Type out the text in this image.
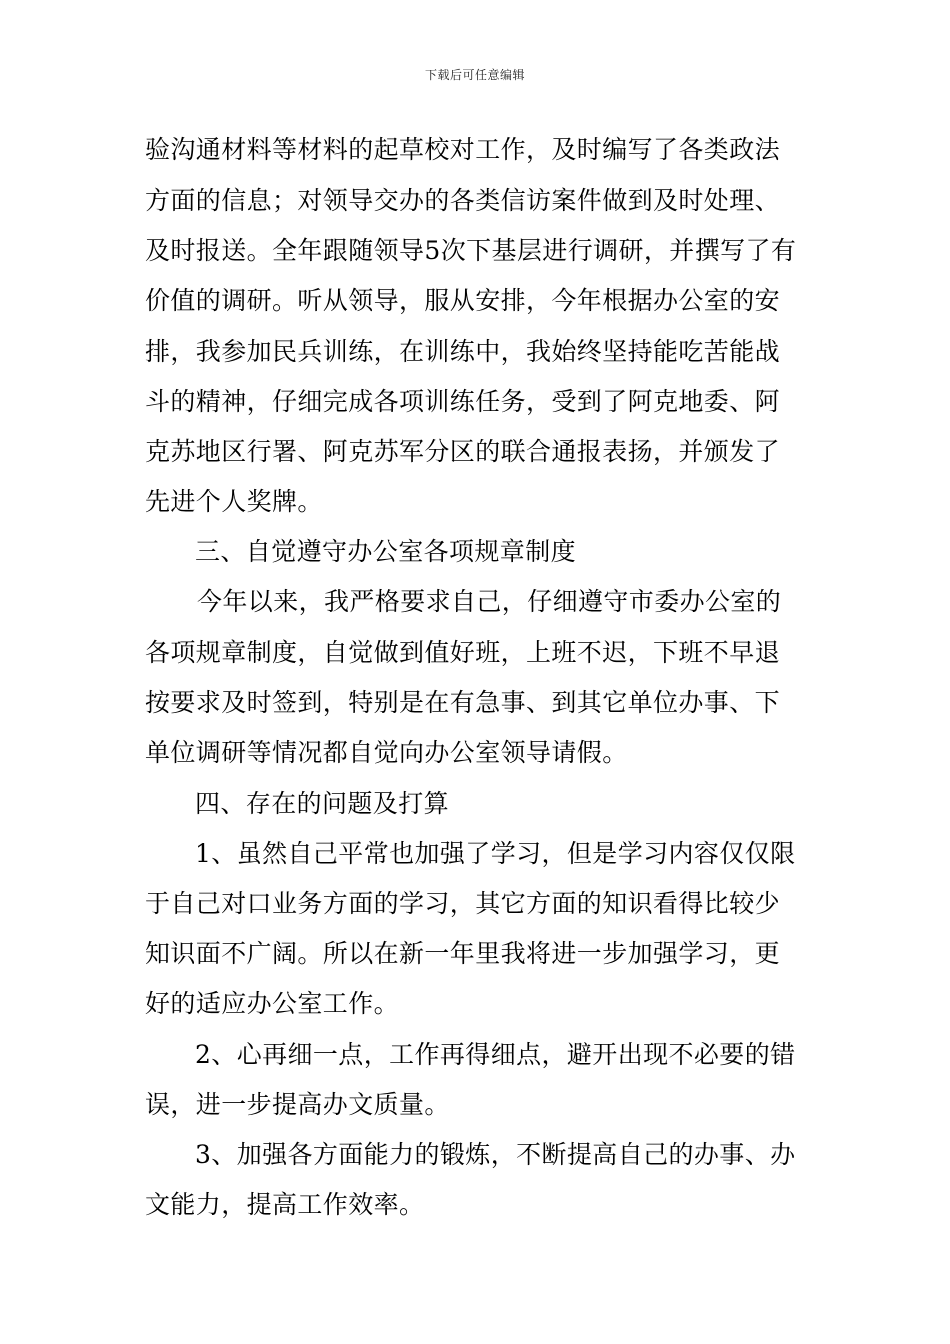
下载后可任意编辑
验沟通材料等材料的起草校对工作，及时编写了各类政法
方面的信息；对领导交办的各类信访案件做到及时处理、
及时报送。全年跟随领导5次下基层进行调研，并撰写了有
价值的调研。听从领导，服从安排，今年根据办公室的安
排，我参加民兵训练，在训练中，我始终坚持能吃苦能战
斗的精神，仔细完成各项训练任务，受到了阿克地委、阿
克苏地区行署、阿克苏军分区的联合通报表扬，并颁发了
先进个人奖牌。
三、自觉遵守办公室各项规章制度
今年以来，我严格要求自己，仔细遵守市委办公室的
各项规章制度，自觉做到值好班，上班不迟，下班不早退
按要求及时签到，特别是在有急事、到其它单位办事、下
单位调研等情况都自觉向办公室领导请假。
四、存在的问题及打算
1、虽然自己平常也加强了学习，但是学习内容仅仅限
于自己对口业务方面的学习，其它方面的知识看得比较少
知识面不广阔。所以在新一年里我将进一步加强学习，更
好的适应办公室工作。
2、心再细一点，工作再得细点，避开出现不必要的错
误，进一步提高办文质量。
3、加强各方面能力的锻炼，不断提高自己的办事、办
文能力，提高工作效率。
